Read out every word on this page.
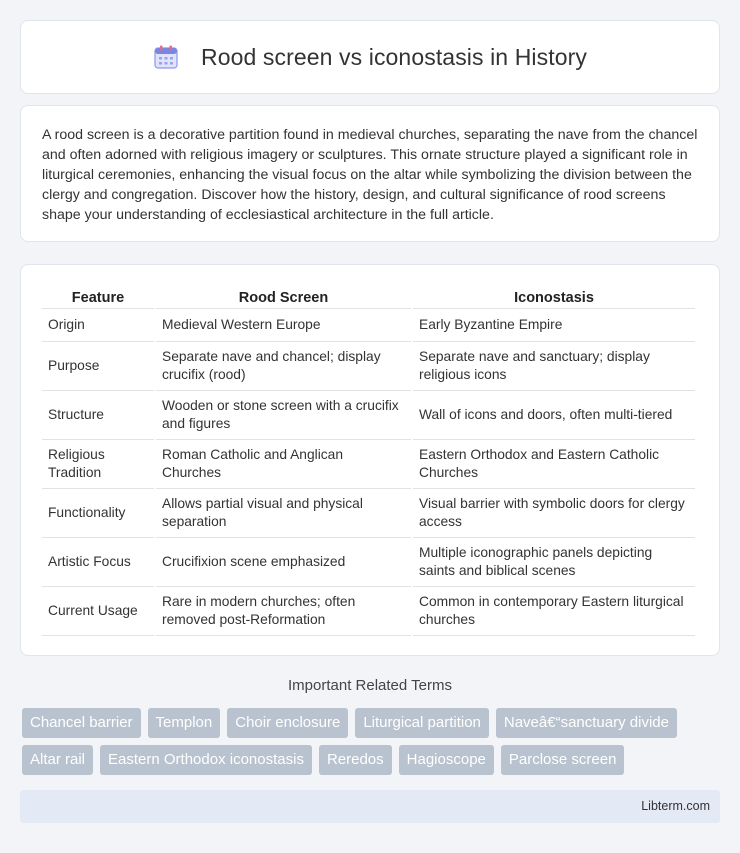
Rood screen vs iconostasis in History

A rood screen is a decorative partition found in medieval churches, separating the nave from the chancel and often adorned with religious imagery or sculptures. This ornate structure played a significant role in liturgical ceremonies, enhancing the visual focus on the altar while symbolizing the division between the clergy and congregation. Discover how the history, design, and cultural significance of rood screens shape your understanding of ecclesiastical architecture in the full article.

Feature	Rood Screen	Iconostasis
Origin	Medieval Western Europe	Early Byzantine Empire
Purpose	Separate nave and chancel; display crucifix (rood)	Separate nave and sanctuary; display religious icons
Structure	Wooden or stone screen with a crucifix and figures	Wall of icons and doors, often multi-tiered
Religious Tradition	Roman Catholic and Anglican Churches	Eastern Orthodox and Eastern Catholic Churches
Functionality	Allows partial visual and physical separation	Visual barrier with symbolic doors for clergy access
Artistic Focus	Crucifixion scene emphasized	Multiple iconographic panels depicting saints and biblical scenes
Current Usage	Rare in modern churches; often removed post-Reformation	Common in contemporary Eastern liturgical churches
Important Related Terms
Chancel barrier	Templon	Choir enclosure	Liturgical partition	Naveâ€“sanctuary divide
Altar rail	Eastern Orthodox iconostasis	Reredos	Hagioscope	Parclose screen
Libterm.com
